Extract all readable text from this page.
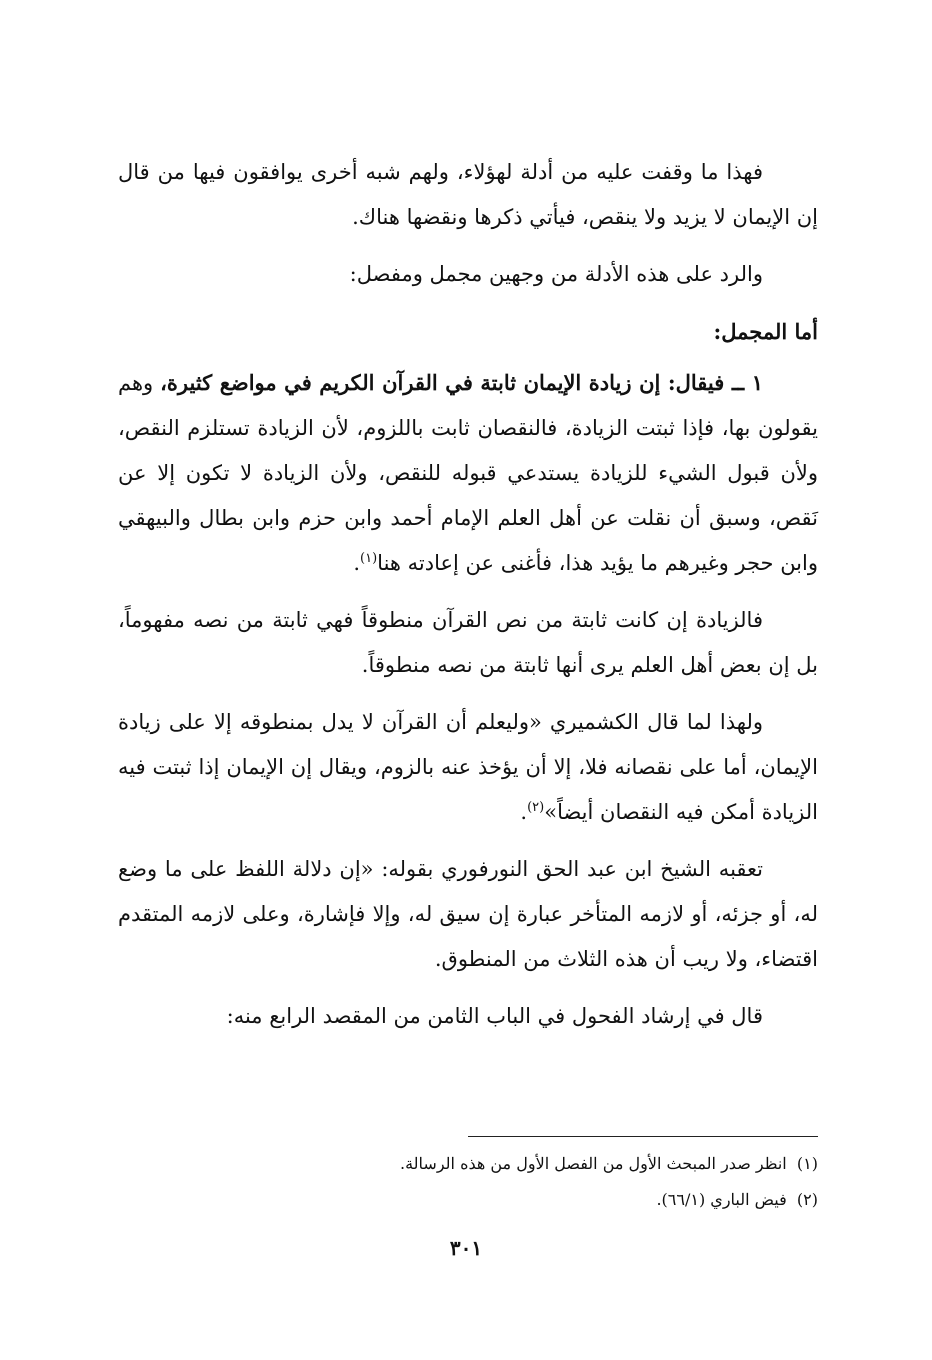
فهذا ما وقفت عليه من أدلة لهؤلاء، ولهم شبه أخرى يوافقون فيها من قال إن الإيمان لا يزيد ولا ينقص، فيأتي ذكرها ونقضها هناك.

والرد على هذه الأدلة من وجهين مجمل ومفصل:

أما المجمل:

١ ــ فيقال: إن زيادة الإيمان ثابتة في القرآن الكريم في مواضع كثيرة، وهم يقولون بها، فإذا ثبتت الزيادة، فالنقصان ثابت باللزوم، لأن الزيادة تستلزم النقص، ولأن قبول الشيء للزيادة يستدعي قبوله للنقص، ولأن الزيادة لا تكون إلا عن نَقص، وسبق أن نقلت عن أهل العلم الإمام أحمد وابن حزم وابن بطال والبيهقي وابن حجر وغيرهم ما يؤيد هذا، فأغنى عن إعادته هنا$^{(١)}$.

فالزيادة إن كانت ثابتة من نص القرآن منطوقاً فهي ثابتة من نصه مفهوماً، بل إن بعض أهل العلم يرى أنها ثابتة من نصه منطوقاً.

ولهذا لما قال الكشميري «وليعلم أن القرآن لا يدل بمنطوقه إلا على زيادة الإيمان، أما على نقصانه فلا، إلا أن يؤخذ عنه بالزوم، ويقال إن الإيمان إذا ثبتت فيه الزيادة أمكن فيه النقصان أيضاً»$^{(٢)}$.

تعقبه الشيخ ابن عبد الحق النورفوري بقوله: «إن دلالة اللفظ على ما وضع له، أو جزئه، أو لازمه المتأخر عبارة إن سيق له، وإلا فإشارة، وعلى لازمه المتقدم اقتضاء، ولا ريب أن هذه الثلاث من المنطوق.

قال في إرشاد الفحول في الباب الثامن من المقصد الرابع منه:

(١)  انظر صدر المبحث الأول من الفصل الأول من هذه الرسالة.

(٢)  فيض الباري (٦٦/١).

٣٠١
